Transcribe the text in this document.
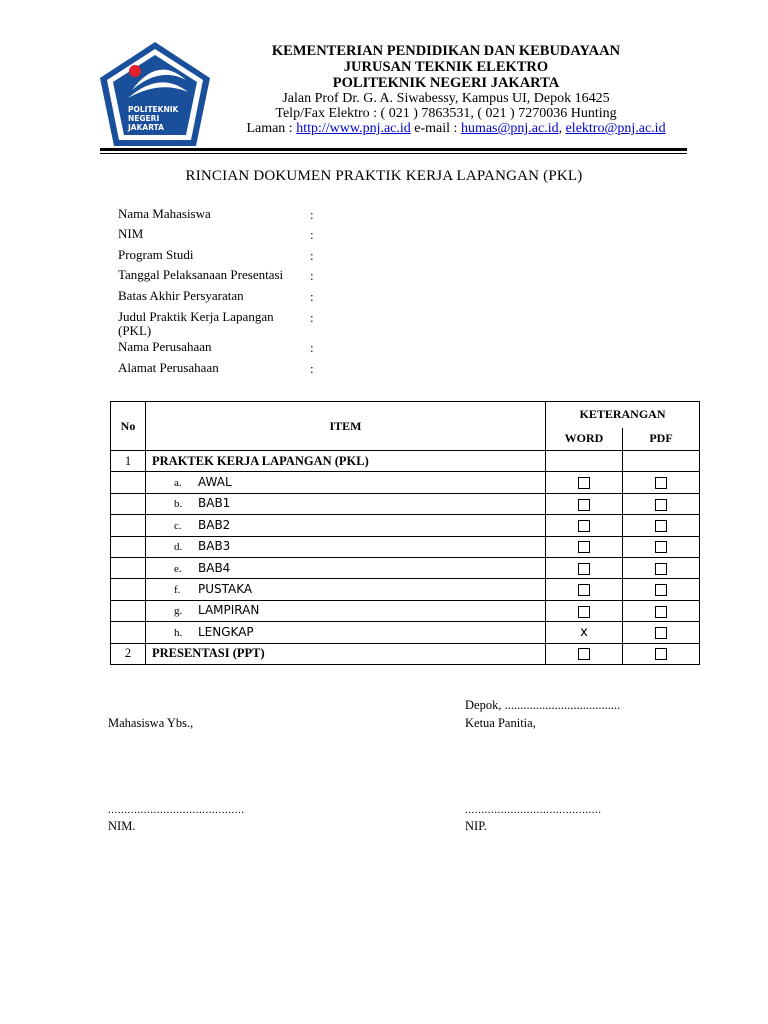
POLITEKNIK
NEGERI
JAKARTA
KEMENTERIAN PENDIDIKAN DAN KEBUDAYAAN
JURUSAN TEKNIK ELEKTRO
POLITEKNIK NEGERI JAKARTA
Jalan Prof Dr. G. A. Siwabessy, Kampus UI, Depok 16425
Telp/Fax Elektro : ( 021 ) 7863531, ( 021 ) 7270036 Hunting
Laman : http://www.pnj.ac.id e-mail : humas@pnj.ac.id, elektro@pnj.ac.id
RINCIAN DOKUMEN PRAKTIK KERJA LAPANGAN (PKL)
Nama Mahasiswa	:
NIM	:
Program Studi	:
Tanggal Pelaksanaan Presentasi	:
Batas Akhir Persyaratan	:
Judul Praktik Kerja Lapangan (PKL)
:
Nama Perusahaan	:
Alamat Perusahaan	:
No	ITEM	KETERANGAN	
		WORD	PDF
1	PRAKTEK KERJA LAPANGAN (PKL)		
	a. AWAL		
	b. BAB1		
	c. BAB2		
	d. BAB3		
	e. BAB4		
	f. PUSTAKA		
	g. LAMPIRAN		
	h. LENGKAP	x	
2	PRESENTASI (PPT)		
Depok, .....................................
Mahasiswa Ybs.,	Ketua Panitia,
..........................................	..........................................
NIM.	NIP.
